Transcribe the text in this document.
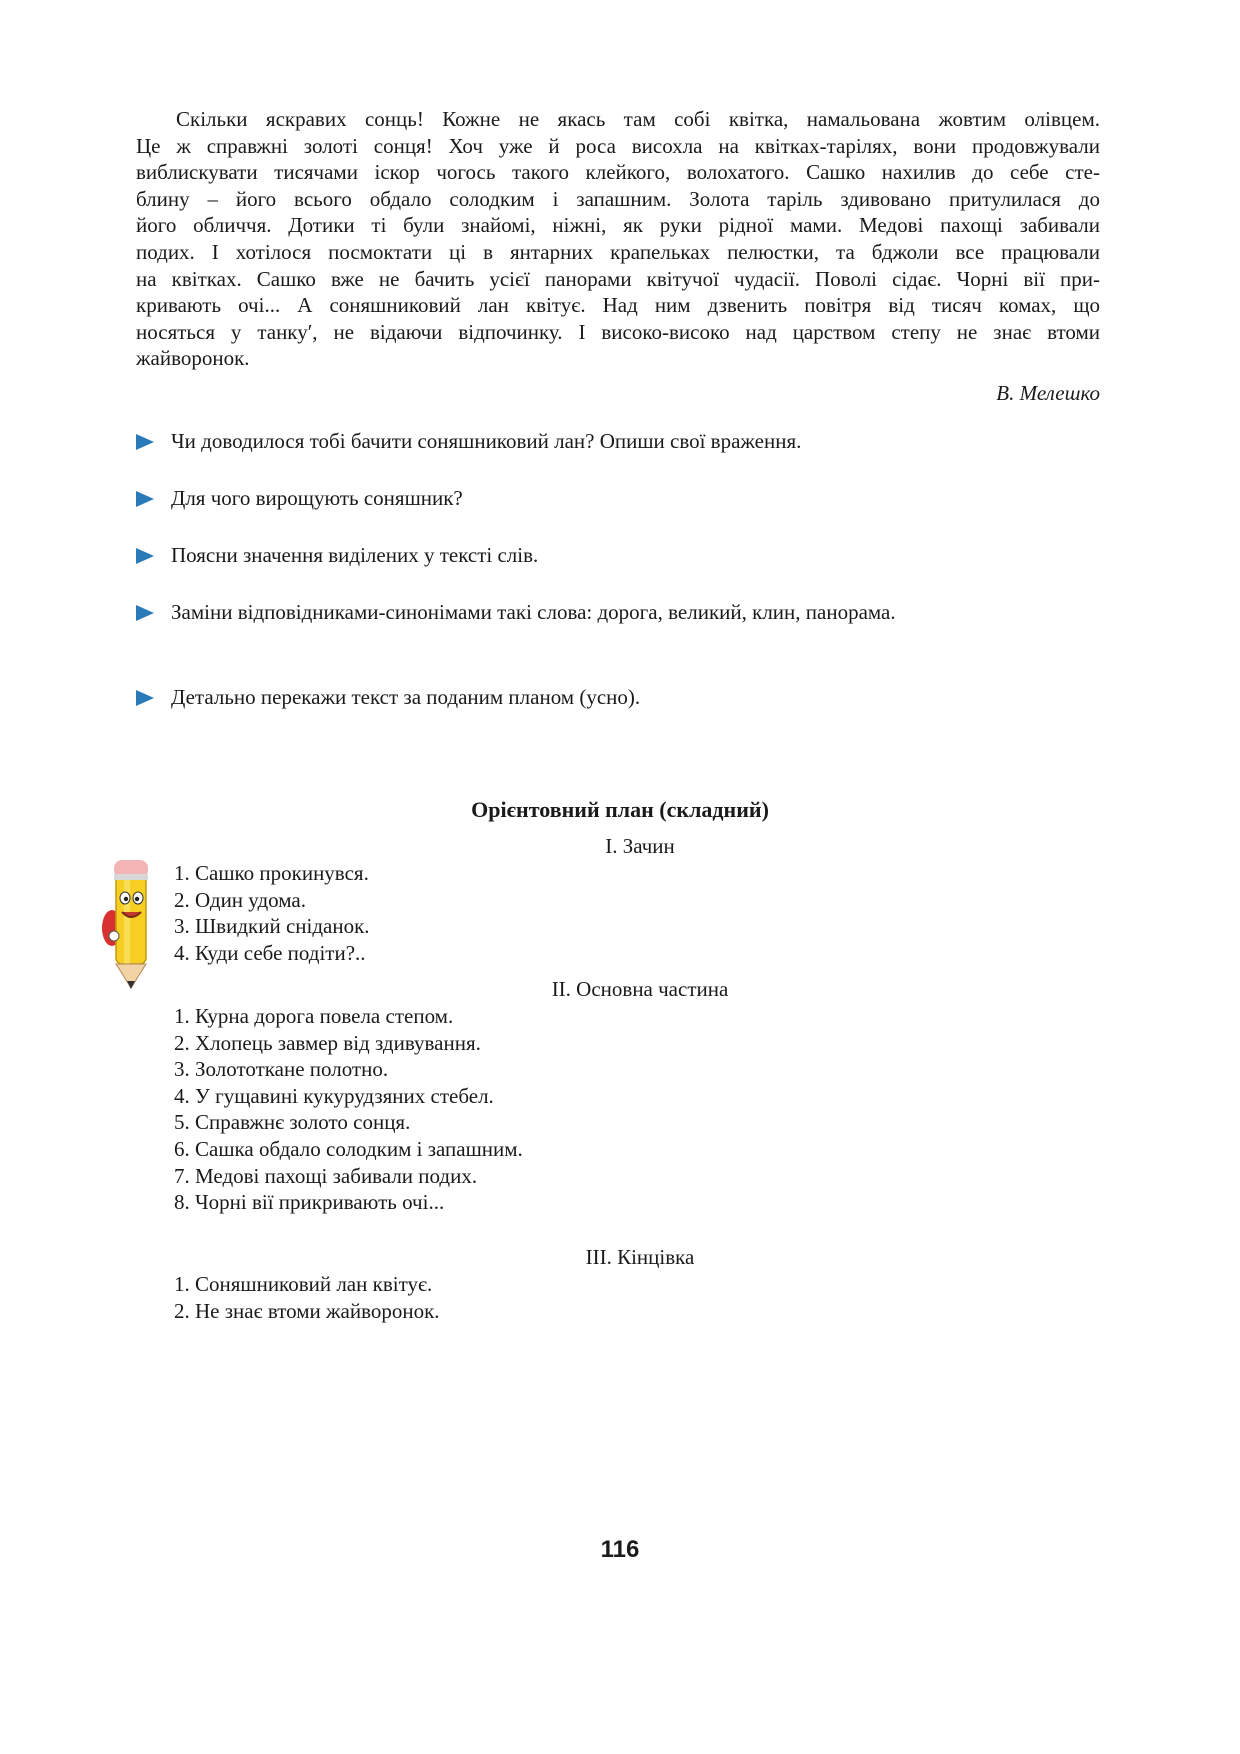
Скільки яскравих сонць! Кожне не якась там собі квітка, намальована жовтим олівцем.
Це ж справжні золоті сонця! Хоч уже й роса висохла на квітках-тарілях, вони продовжували
виблискувати тисячами іскор чогось такого клейкого, волохатого. Сашко нахилив до себе сте-
блину – його всього обдало солодким і запашним. Золота таріль здивовано притулилася до
його обличчя. Дотики ті були знайомі, ніжні, як руки рідної мами. Медові пахощі забивали
подих. І хотілося посмоктати ці в янтарних крапельках пелюстки, та бджоли все працювали
на квітках. Сашко вже не бачить усієї панорами квітучої чудасії. Поволі сідає. Чорні вії при-
кривають очі... А соняшниковий лан квітує. Над ним дзвенить повітря від тисяч комах, що
носяться у танку′, не відаючи відпочинку. І високо-високо над царством степу не знає втоми
жайворонок.
В. Мелешко
Чи доводилося тобі бачити соняшниковий лан? Опиши свої враження.
Для чого вирощують соняшник?
Поясни значення виділених у тексті слів.
Заміни відповідниками-синонімами такі слова: дорога, великий, клин, панорама.
Детально перекажи текст за поданим планом (усно).
Орієнтовний план (складний)
І. Зачин
1. Сашко прокинувся.
2. Один удома.
3. Швидкий сніданок.
4. Куди себе подіти?..
ІІ. Основна частина
1. Курна дорога повела степом.
2. Хлопець завмер від здивування.
3. Золототкане полотно.
4. У гущавині кукурудзяних стебел.
5. Справжнє золото сонця.
6. Сашка обдало солодким і запашним.
7. Медові пахощі забивали подих.
8. Чорні вії прикривають очі...
ІІІ. Кінцівка
1. Соняшниковий лан квітує.
2. Не знає втоми жайворонок.
116
